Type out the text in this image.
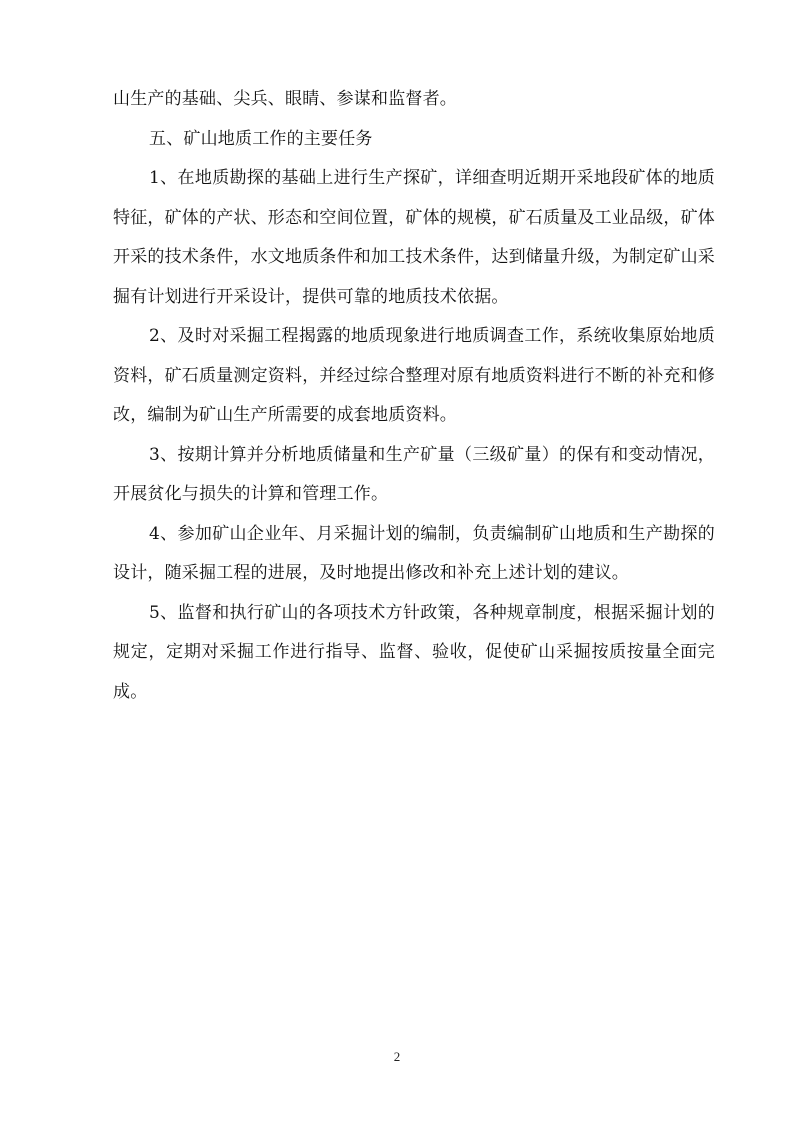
山生产的基础、尖兵、眼睛、参谋和监督者。

五、矿山地质工作的主要任务

1、在地质勘探的基础上进行生产探矿，详细查明近期开采地段矿体的地质特征，矿体的产状、形态和空间位置，矿体的规模，矿石质量及工业品级，矿体开采的技术条件，水文地质条件和加工技术条件，达到储量升级，为制定矿山采掘有计划进行开采设计，提供可靠的地质技术依据。

2、及时对采掘工程揭露的地质现象进行地质调查工作，系统收集原始地质资料，矿石质量测定资料，并经过综合整理对原有地质资料进行不断的补充和修改，编制为矿山生产所需要的成套地质资料。

3、按期计算并分析地质储量和生产矿量（三级矿量）的保有和变动情况，开展贫化与损失的计算和管理工作。

4、参加矿山企业年、月采掘计划的编制，负责编制矿山地质和生产勘探的设计，随采掘工程的进展，及时地提出修改和补充上述计划的建议。

5、监督和执行矿山的各项技术方针政策，各种规章制度，根据采掘计划的规定，定期对采掘工作进行指导、监督、验收，促使矿山采掘按质按量全面完成。

2
